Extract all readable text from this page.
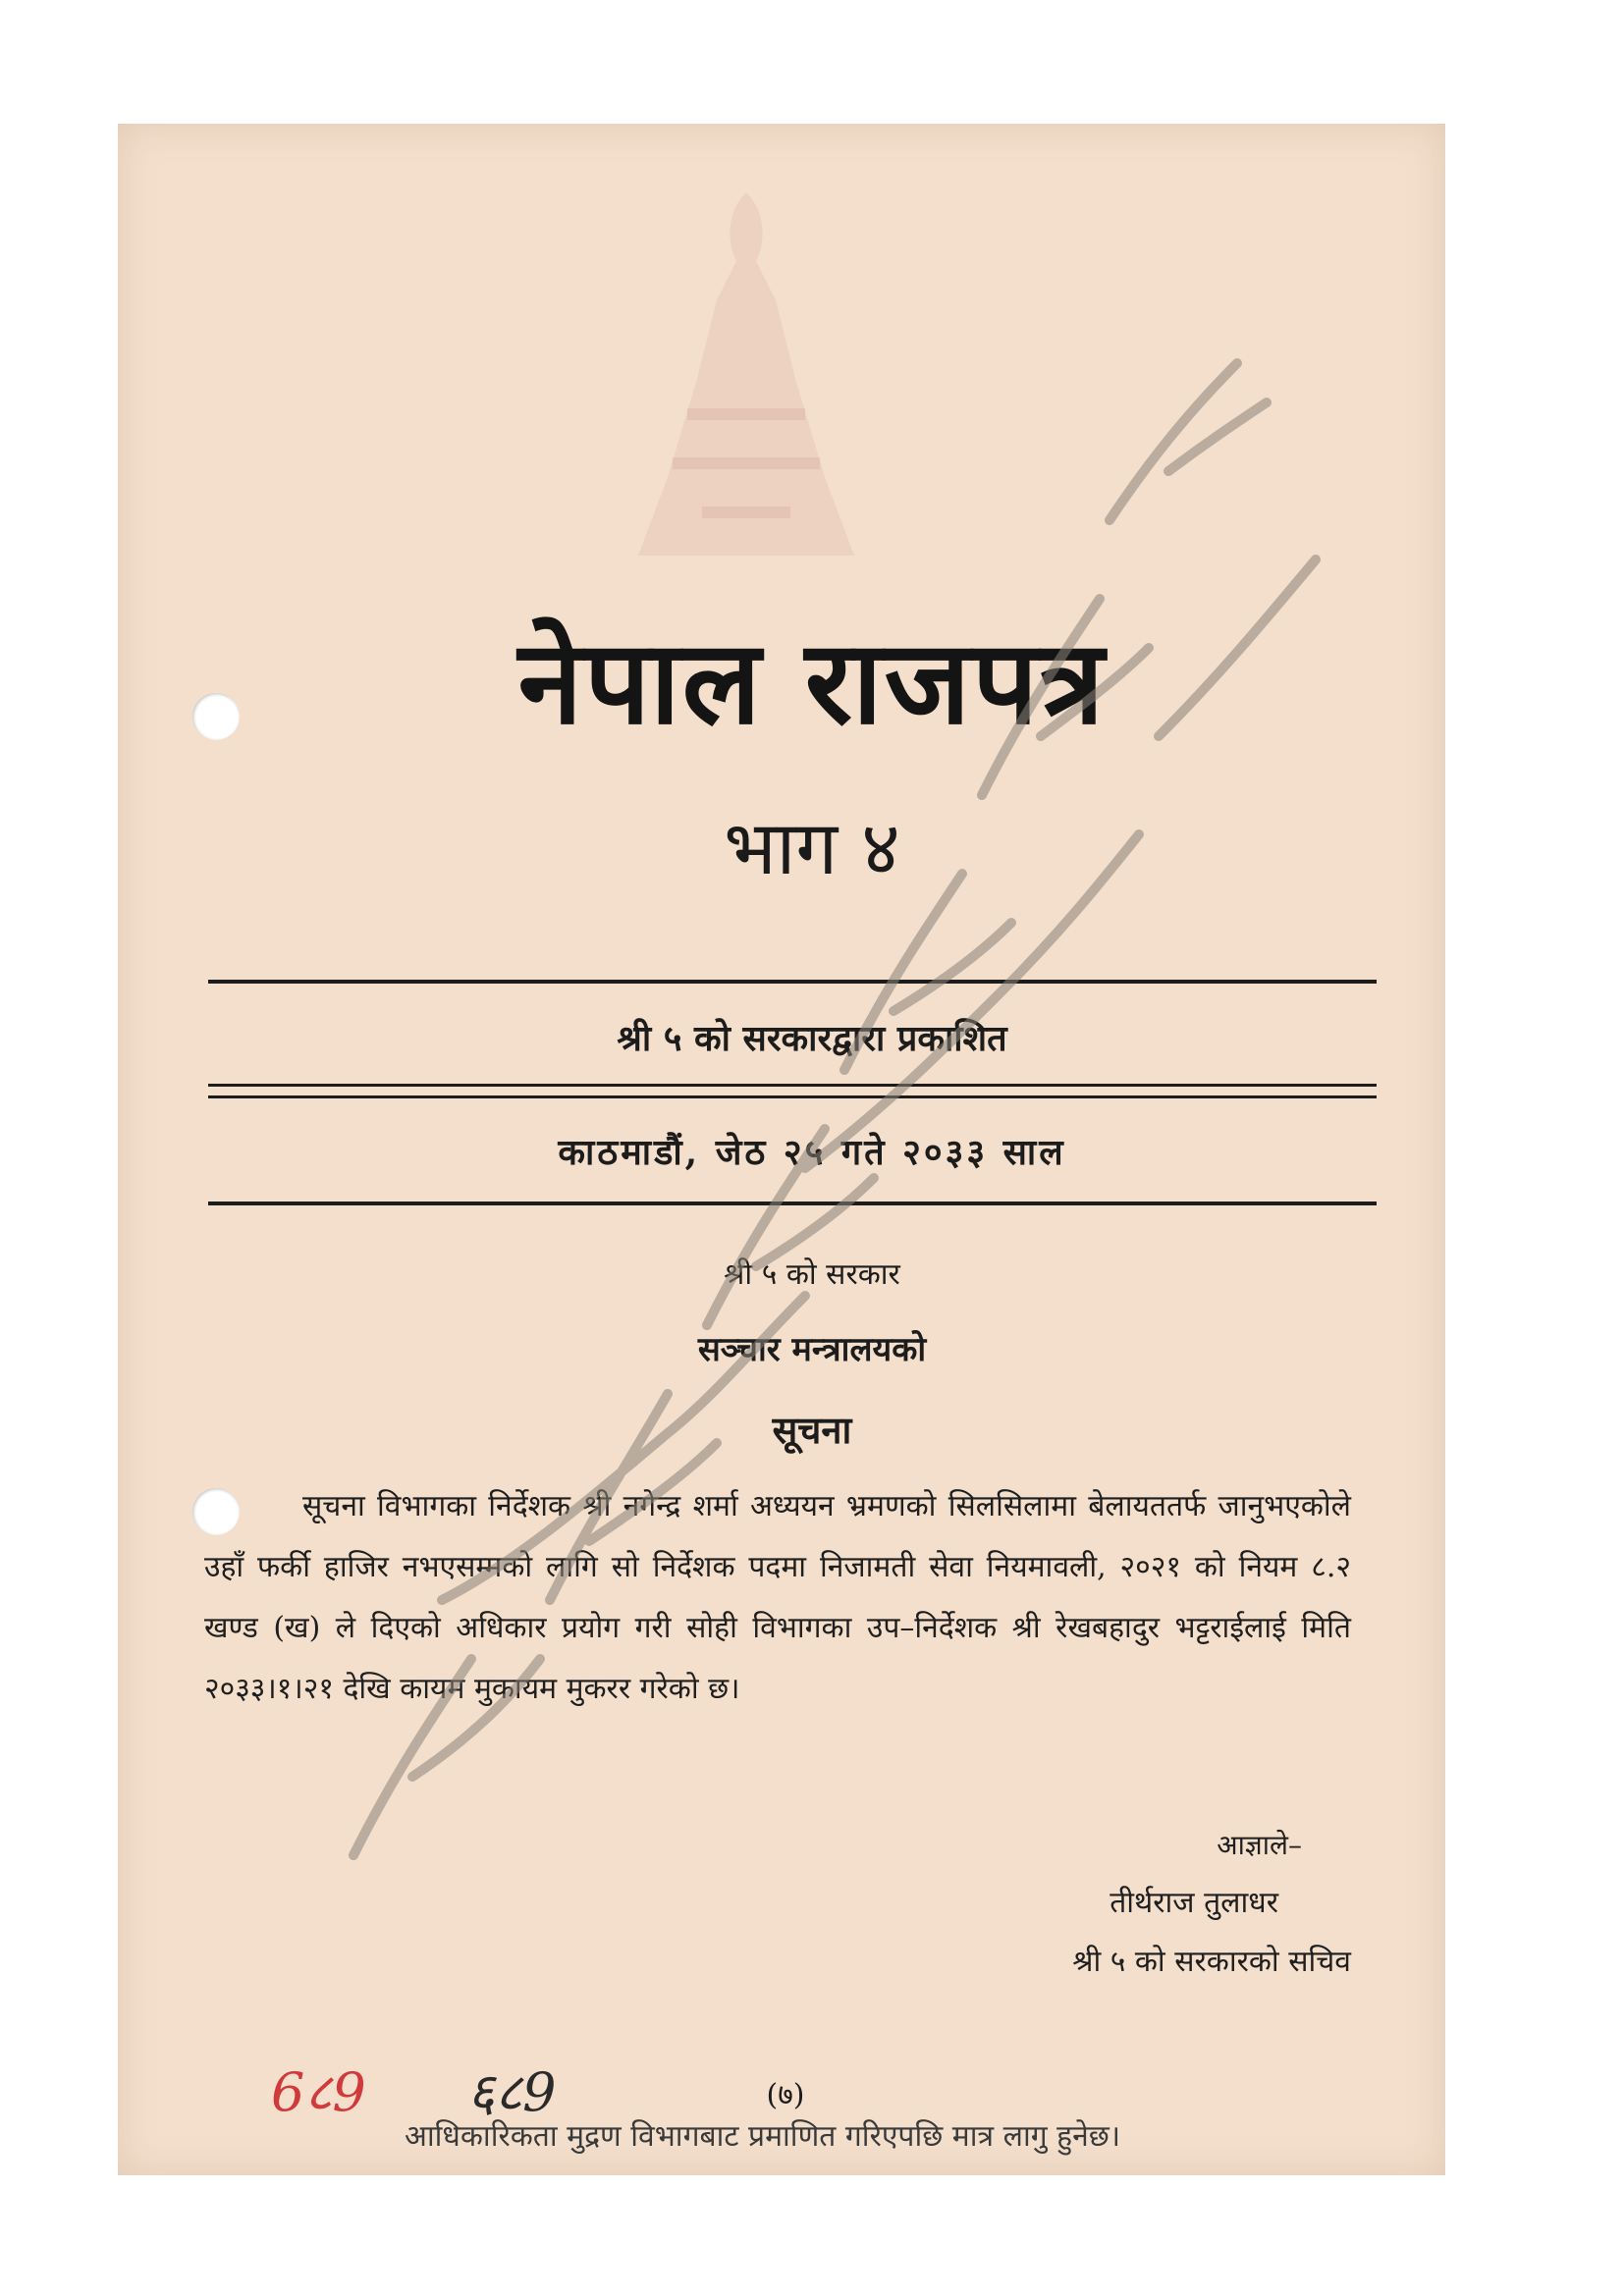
नेपाल राजपत्र
भाग ४
श्री ५ को सरकारद्वारा प्रकाशित
काठमाडौं, जेठ २५ गते २०३३ साल
श्री ५ को सरकार
सञ्चार मन्त्रालयको
सूचना
सूचना विभागका निर्देशक श्री नगेन्द्र शर्मा अध्ययन भ्रमणको सिलसिलामा बेलायततर्फ जानुभएकोले उहाँ फर्की हाजिर नभएसम्मको लागि सो निर्देशक पदमा निजामती सेवा नियमावली, २०२१ को नियम ८.२ खण्ड (ख) ले दिएको अधिकार प्रयोग गरी सोही विभागका उप–निर्देशक श्री रेखबहादुर भट्टराईलाई मिति २०३३।१।२१ देखि कायम मुकायम मुकरर गरेको छ।
आज्ञाले–
तीर्थराज तुलाधर
श्री ५ को सरकारको सचिव
6८9 ६८9	(७)
आधिकारिकता मुद्रण विभागबाट प्रमाणित गरिएपछि मात्र लागु हुनेछ।
